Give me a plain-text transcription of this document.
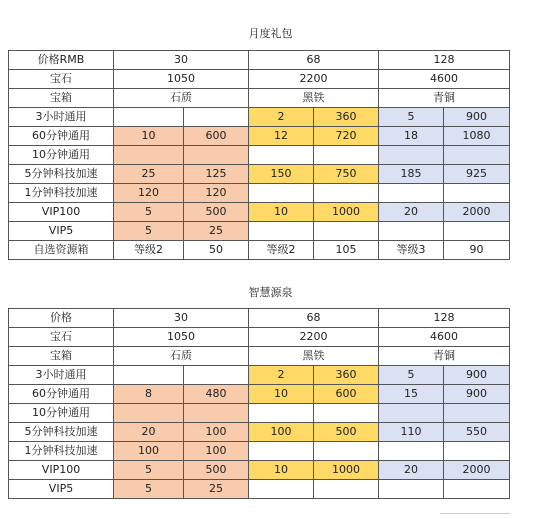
月度礼包
价格RMB	30		68		128	
宝石	1050		2200		4600	
宝箱	石质		黑铁		青铜	
3小时通用			2	360	5	900
60分钟通用	10	600	12	720	18	1080
10分钟通用						
5分钟科技加速	25	125	150	750	185	925
1分钟科技加速	120	120				
VIP100	5	500	10	1000	20	2000
VIP5	5	25				
自选资源箱	等级2	50	等级2	105	等级3	90
智慧源泉
价格	30		68		128	
宝石	1050		2200		4600	
宝箱	石质		黑铁		青铜	
3小时通用			2	360	5	900
60分钟通用	8	480	10	600	15	900
10分钟通用						
5分钟科技加速	20	100	100	500	110	550
1分钟科技加速	100	100				
VIP100	5	500	10	1000	20	2000
VIP5	5	25				
